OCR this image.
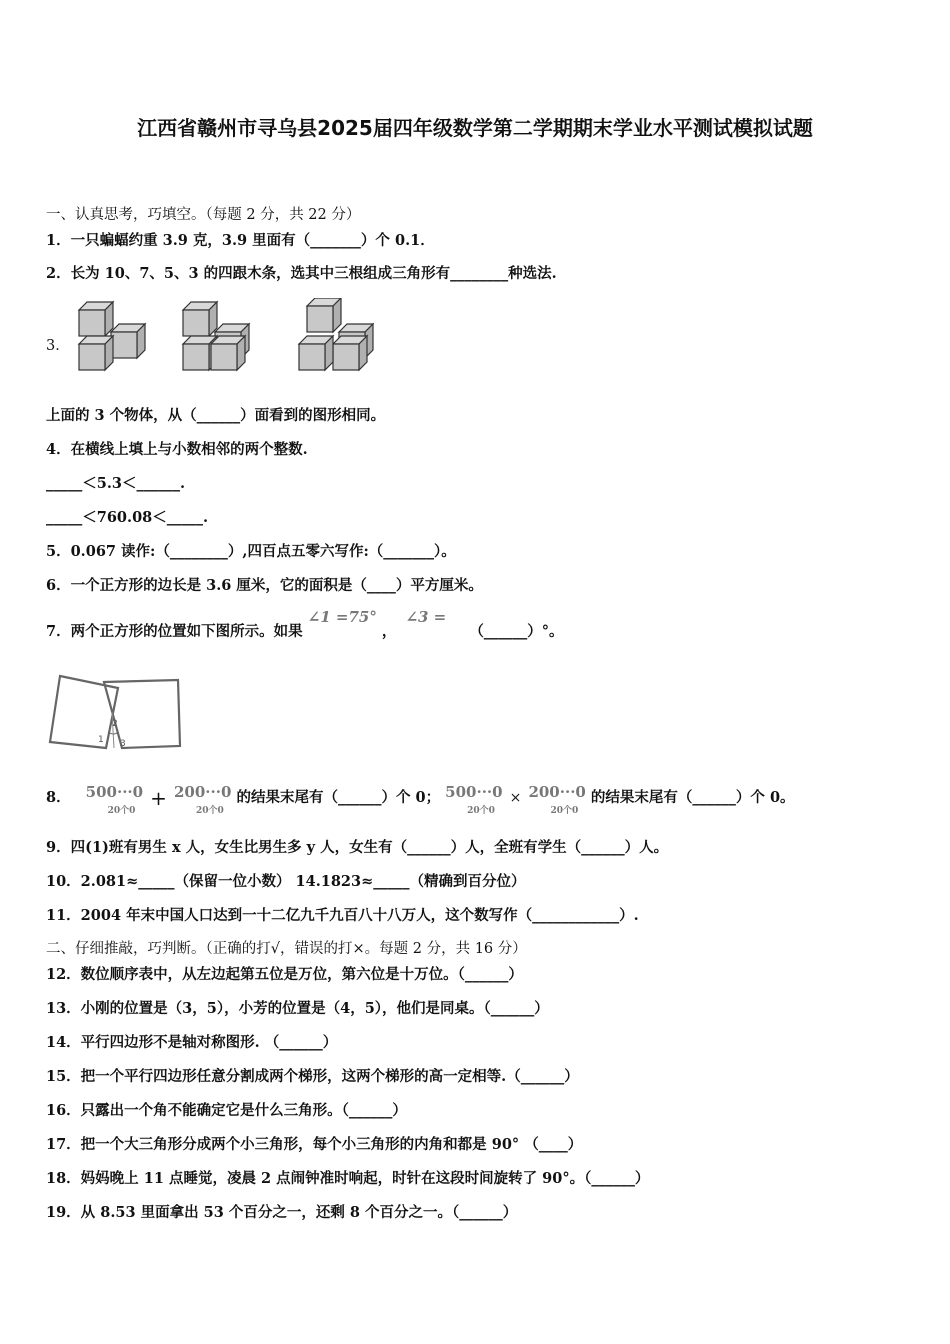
江西省赣州市寻乌县2025届四年级数学第二学期期末学业水平测试模拟试题
一、认真思考，巧填空。（每题 2 分，共 22 分）
1．一只蝙蝠约重 3.9 克，3.9 里面有（_______）个 0.1．
2．长为 10、7、5、3 的四跟木条，选其中三根组成三角形有________种选法.
3．
上面的 3 个物体，从（______）面看到的图形相同。
4．在横线上填上与小数相邻的两个整数.
_____＜5.3＜______.
_____＜760.08＜_____.
5．0.067 读作:（________）,四百点五零六写作:（_______）。
6．一个正方形的边长是 3.6 厘米，它的面积是（____）平方厘米。
7．两个正方形的位置如下图所示。如果 ∠1 =75° ， ∠3 = （______）°。
2
1 3
8． 500···0
20个0
+ 200···0
20个0
的结果末尾有（______）个 0； 500···0
20个0
× 200···0
20个0
的结果末尾有（______）个 0。
9．四(1)班有男生 x 人，女生比男生多 y 人，女生有（______）人，全班有学生（______）人。
10．2.081≈_____（保留一位小数） 14.1823≈_____（精确到百分位）
11．2004 年末中国人口达到一十二亿九千九百八十八万人，这个数写作（____________）.
二、仔细推敲，巧判断。（正确的打√，错误的打×。每题 2 分，共 16 分）
12．数位顺序表中，从左边起第五位是万位，第六位是十万位。（______）
13．小刚的位置是（3，5），小芳的位置是（4，5），他们是同桌。（______）
14．平行四边形不是轴对称图形. （______）
15．把一个平行四边形任意分割成两个梯形，这两个梯形的高一定相等.（______）
16．只露出一个角不能确定它是什么三角形。（______）
17．把一个大三角形分成两个小三角形，每个小三角形的内角和都是 90° （____）
18．妈妈晚上 11 点睡觉，凌晨 2 点闹钟准时响起，时针在这段时间旋转了 90°。（______）
19．从 8.53 里面拿出 53 个百分之一，还剩 8 个百分之一。（______）
